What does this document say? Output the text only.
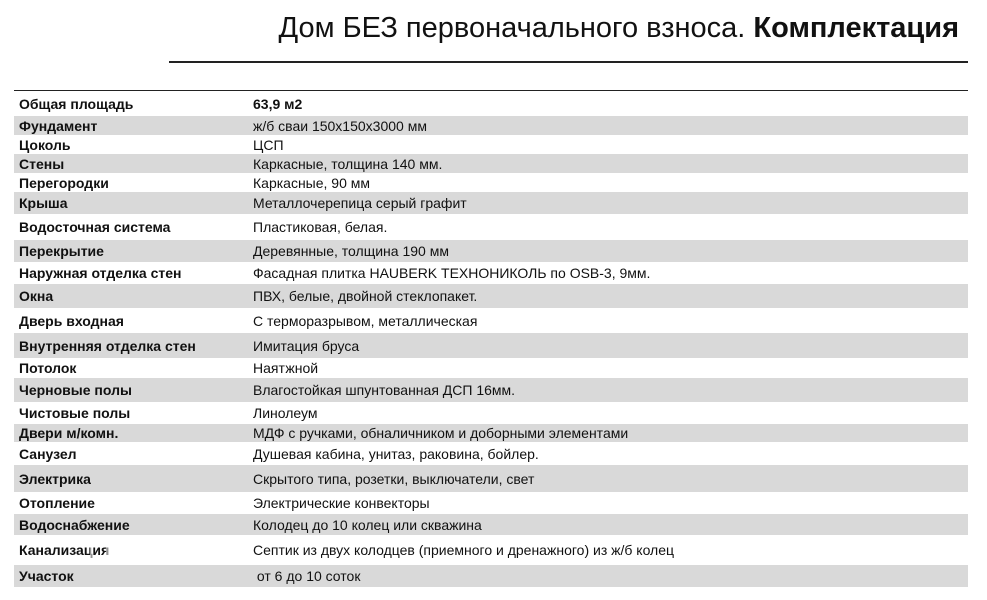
Дом БЕЗ первоначального взноса. Комплектация
Общая площадь	63,9 м2
Фундамент	ж/б сваи 150х150х3000 мм
Цоколь	ЦСП
Стены	Каркасные, толщина 140 мм.
Перегородки	Каркасные, 90 мм
Крыша	Металлочерепица серый графит
Водосточная система	Пластиковая, белая.
Перекрытие	Деревянные, толщина 190 мм
Наружная отделка стен	Фасадная плитка HAUBERK ТЕХНОНИКОЛЬ по OSB-3, 9мм.
Окна	ПВХ, белые, двойной стеклопакет.
Дверь входная	С терморазрывом, металлическая
Внутренняя отделка стен	Имитация бруса
Потолок	Наятжной
Черновые полы	Влагостойкая шпунтованная ДСП 16мм.
Чистовые полы	Линолеум
Двери м/комн.	МДФ с ручками, обналичником и доборными элементами
Санузел	Душевая кабина, унитаз, раковина, бойлер.
Электрика	Скрытого типа, розетки, выключатели, свет
Отопление	Электрические конвекторы
Водоснабжение	Колодец до 10 колец или скважина
Канализация	Септик из двух колодцев (приемного и дренажного) из ж/б колец
Участок	от 6 до 10 соток
ДОМКЛИК
